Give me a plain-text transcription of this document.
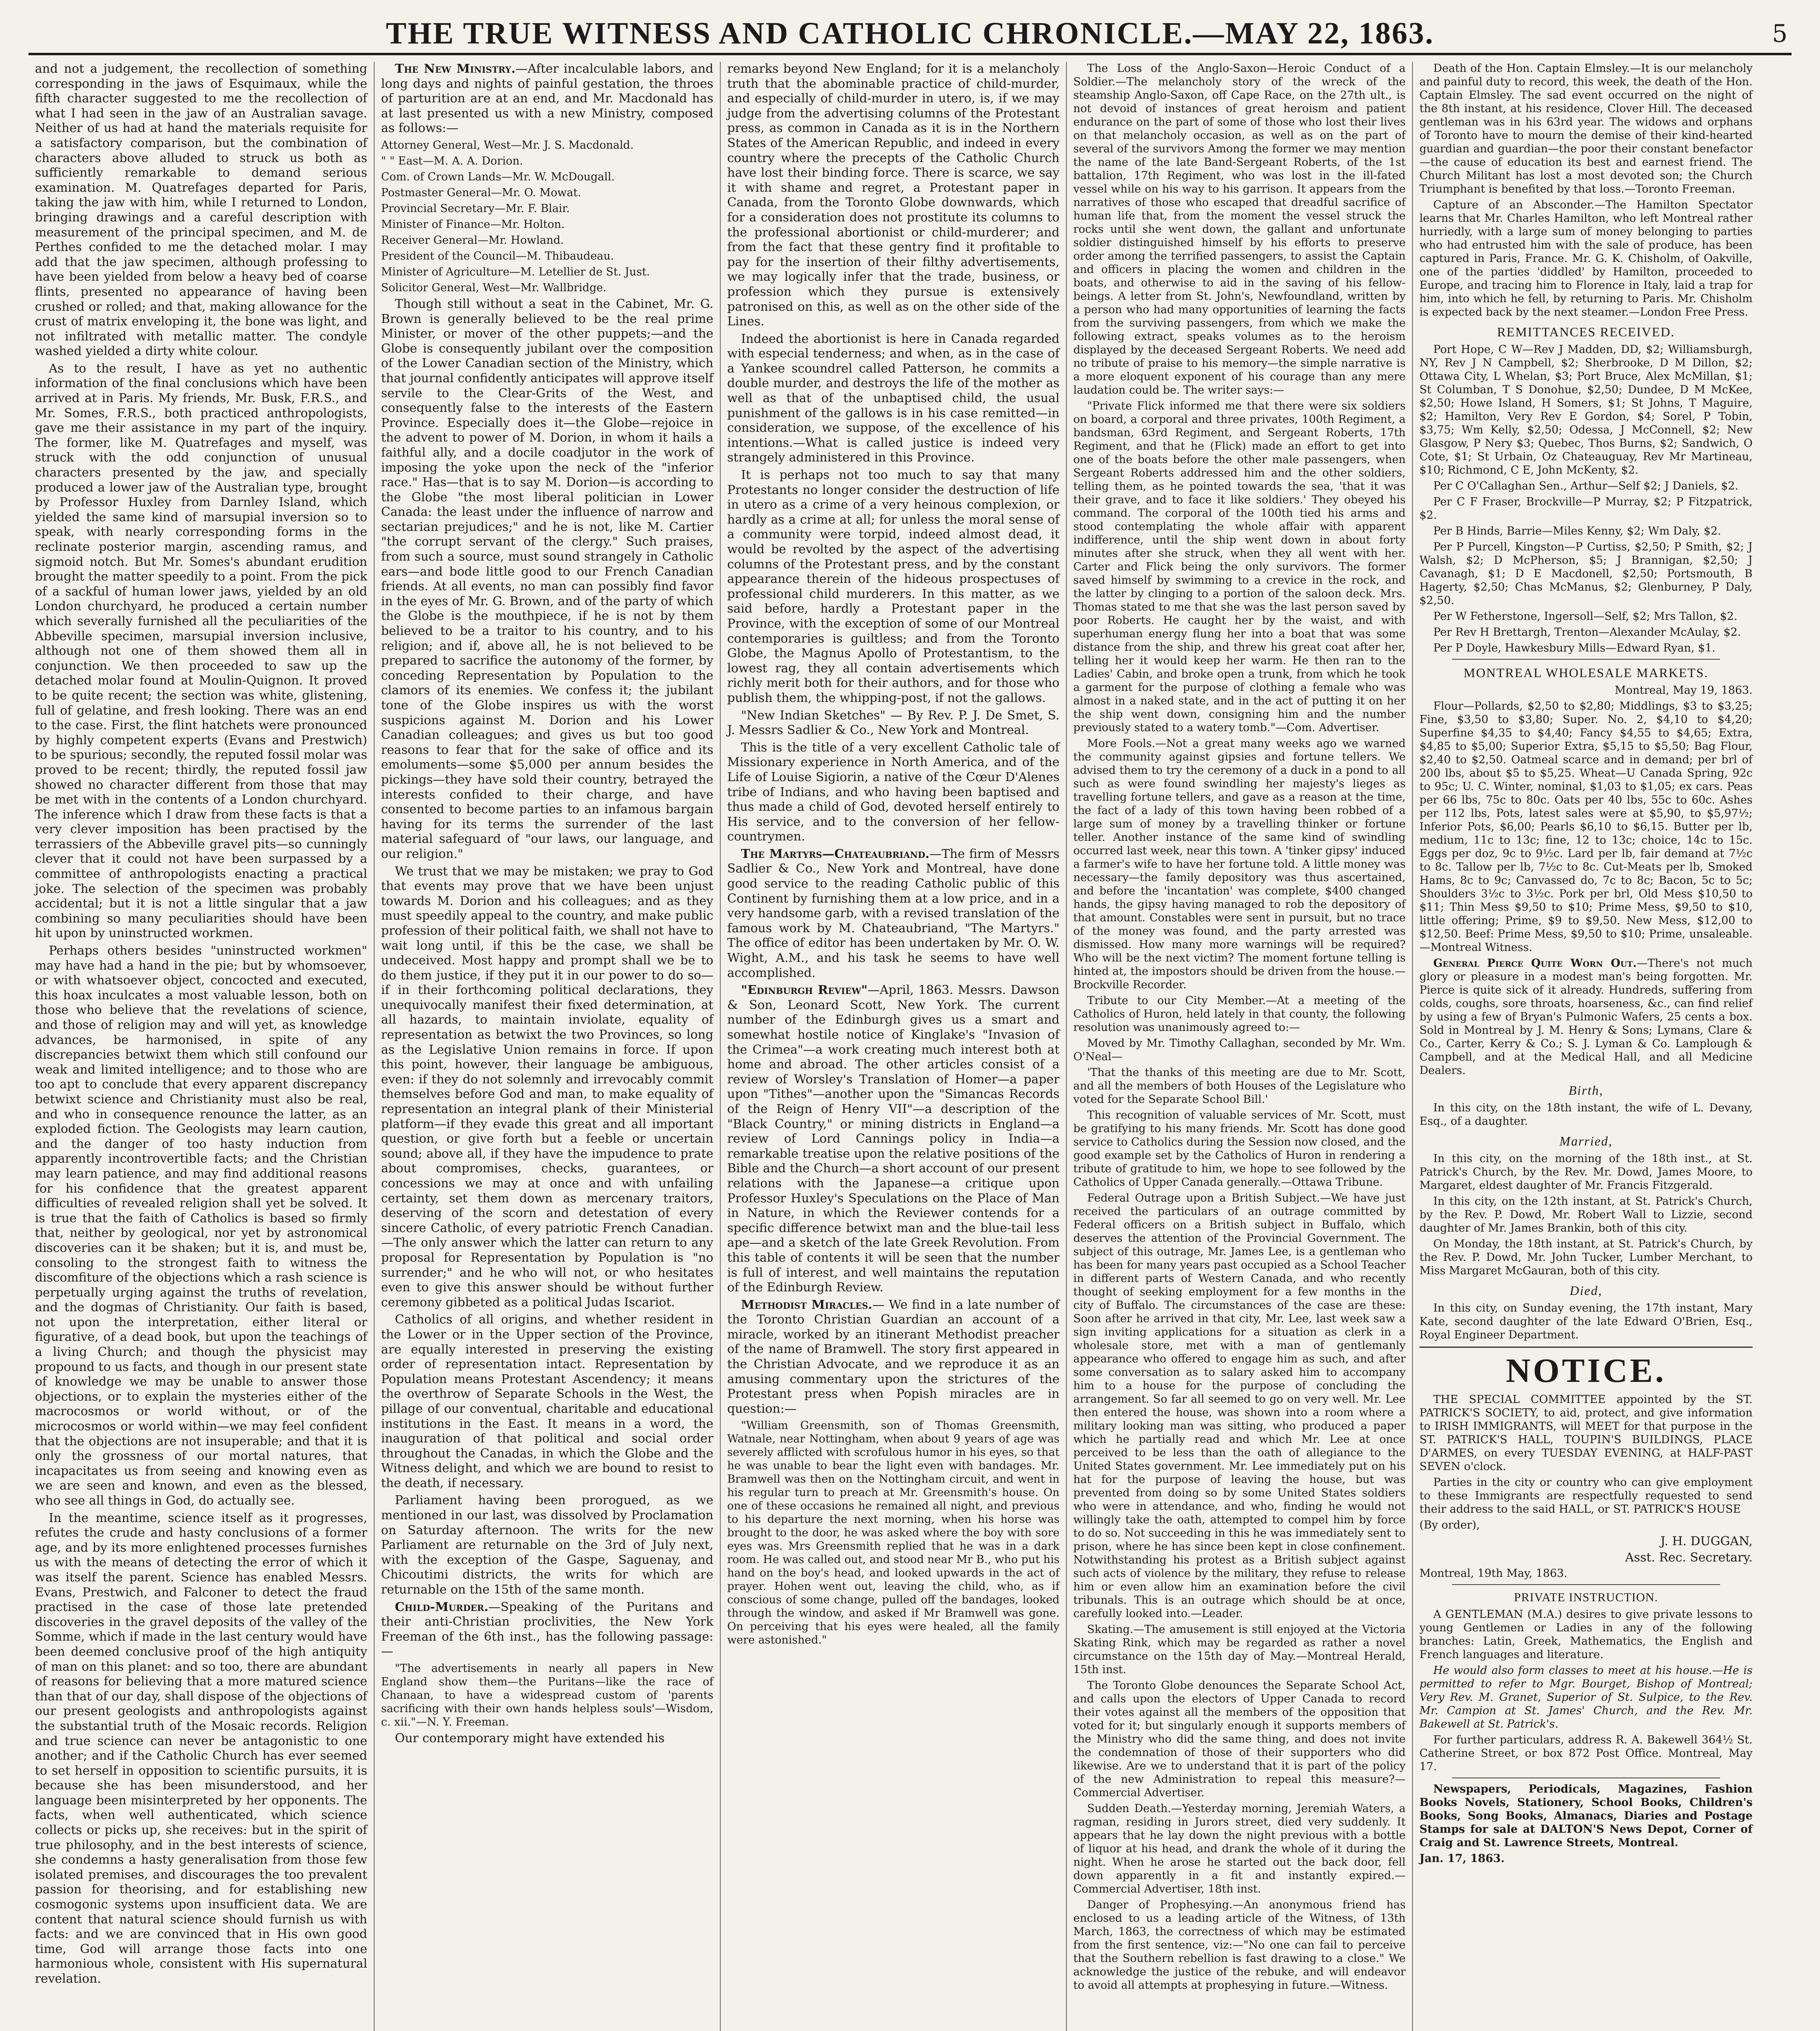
THE TRUE WITNESS AND CATHOLIC CHRONICLE.—MAY 22, 1863.	5

and not a judgement, the recollection of something corresponding in the jaws of Esquimaux, while the fifth character suggested to me the recollection of what I had seen in the jaw of an Australian savage. Neither of us had at hand the materials requisite for a satisfactory comparison, but the combination of characters above alluded to struck us both as sufficiently remarkable to demand serious examination. M. Quatrefages departed for Paris, taking the jaw with him, while I returned to London, bringing drawings and a careful description with measurement of the principal specimen, and M. de Perthes confided to me the detached molar. I may add that the jaw specimen, although professing to have been yielded from below a heavy bed of coarse flints, presented no appearance of having been crushed or rolled; and that, making allowance for the crust of matrix enveloping it, the bone was light, and not infiltrated with metallic matter. The condyle washed yielded a dirty white colour.

As to the result, I have as yet no authentic information of the final conclusions which have been arrived at in Paris. My friends, Mr. Busk, F.R.S., and Mr. Somes, F.R.S., both practiced anthropologists, gave me their assistance in my part of the inquiry. The former, like M. Quatrefages and myself, was struck with the odd conjunction of unusual characters presented by the jaw, and specially produced a lower jaw of the Australian type, brought by Professor Huxley from Darnley Island, which yielded the same kind of marsupial inversion so to speak, with nearly corresponding forms in the reclinate posterior margin, ascending ramus, and sigmoid notch. But Mr. Somes's abundant erudition brought the matter speedily to a point. From the pick of a sackful of human lower jaws, yielded by an old London churchyard, he produced a certain number which severally furnished all the peculiarities of the Abbeville specimen, marsupial inversion inclusive, although not one of them showed them all in conjunction. We then proceeded to saw up the detached molar found at Moulin-Quignon. It proved to be quite recent; the section was white, glistening, full of gelatine, and fresh looking. There was an end to the case. First, the flint hatchets were pronounced by highly competent experts (Evans and Prestwich) to be spurious; secondly, the reputed fossil molar was proved to be recent; thirdly, the reputed fossil jaw showed no character different from those that may be met with in the contents of a London churchyard. The inference which I draw from these facts is that a very clever imposition has been practised by the terrassiers of the Abbeville gravel pits—so cunningly clever that it could not have been surpassed by a committee of anthropologists enacting a practical joke. The selection of the specimen was probably accidental; but it is not a little singular that a jaw combining so many peculiarities should have been hit upon by uninstructed workmen.

Perhaps others besides "uninstructed workmen" may have had a hand in the pie; but by whomsoever, or with whatsoever object, concocted and executed, this hoax inculcates a most valuable lesson, both on those who believe that the revelations of science, and those of religion may and will yet, as knowledge advances, be harmonised, in spite of any discrepancies betwixt them which still confound our weak and limited intelligence; and to those who are too apt to conclude that every apparent discrepancy betwixt science and Christianity must also be real, and who in consequence renounce the latter, as an exploded fiction. The Geologists may learn caution, and the danger of too hasty induction from apparently incontrovertible facts; and the Christian may learn patience, and may find additional reasons for his confidence that the greatest apparent difficulties of revealed religion shall yet be solved. It is true that the faith of Catholics is based so firmly that, neither by geological, nor yet by astronomical discoveries can it be shaken; but it is, and must be, consoling to the strongest faith to witness the discomfiture of the objections which a rash science is perpetually urging against the truths of revelation, and the dogmas of Christianity. Our faith is based, not upon the interpretation, either literal or figurative, of a dead book, but upon the teachings of a living Church; and though the physicist may propound to us facts, and though in our present state of knowledge we may be unable to answer those objections, or to explain the mysteries either of the macrocosmos or world without, or of the microcosmos or world within—we may feel confident that the objections are not insuperable; and that it is only the grossness of our mortal natures, that incapacitates us from seeing and knowing even as we are seen and known, and even as the blessed, who see all things in God, do actually see.

In the meantime, science itself as it progresses, refutes the crude and hasty conclusions of a former age, and by its more enlightened processes furnishes us with the means of detecting the error of which it was itself the parent. Science has enabled Messrs. Evans, Prestwich, and Falconer to detect the fraud practised in the case of those late pretended discoveries in the gravel deposits of the valley of the Somme, which if made in the last century would have been deemed conclusive proof of the high antiquity of man on this planet: and so too, there are abundant of reasons for believing that a more matured science than that of our day, shall dispose of the objections of our present geologists and anthropologists against the substantial truth of the Mosaic records. Religion and true science can never be antagonistic to one another; and if the Catholic Church has ever seemed to set herself in opposition to scientific pursuits, it is because she has been misunderstood, and her language been misinterpreted by her opponents. The facts, when well authenticated, which science collects or picks up, she receives: but in the spirit of true philosophy, and in the best interests of science, she condemns a hasty generalisation from those few isolated premises, and discourages the too prevalent passion for theorising, and for establishing new cosmogonic systems upon insufficient data. We are content that natural science should furnish us with facts: and we are convinced that in His own good time, God will arrange those facts into one harmonious whole, consistent with His supernatural revelation.

The New Ministry.—After incalculable labors, and long days and nights of painful gestation, the throes of parturition are at an end, and Mr. Macdonald has at last presented us with a new Ministry, composed as follows:—

Attorney General, West—Mr. J. S. Macdonald.

" " East—M. A. A. Dorion.

Com. of Crown Lands—Mr. W. McDougall.

Postmaster General—Mr. O. Mowat.

Provincial Secretary—Mr. F. Blair.

Minister of Finance—Mr. Holton.

Receiver General—Mr. Howland.

President of the Council—M. Thibaudeau.

Minister of Agriculture—M. Letellier de St. Just.

Solicitor General, West—Mr. Wallbridge.

Though still without a seat in the Cabinet, Mr. G. Brown is generally believed to be the real prime Minister, or mover of the other puppets;—and the Globe is consequently jubilant over the composition of the Lower Canadian section of the Ministry, which that journal confidently anticipates will approve itself servile to the Clear-Grits of the West, and consequently false to the interests of the Eastern Province. Especially does it—the Globe—rejoice in the advent to power of M. Dorion, in whom it hails a faithful ally, and a docile coadjutor in the work of imposing the yoke upon the neck of the "inferior race." Has—that is to say M. Dorion—is according to the Globe "the most liberal politician in Lower Canada: the least under the influence of narrow and sectarian prejudices;" and he is not, like M. Cartier "the corrupt servant of the clergy." Such praises, from such a source, must sound strangely in Catholic ears—and bode little good to our French Canadian friends. At all events, no man can possibly find favor in the eyes of Mr. G. Brown, and of the party of which the Globe is the mouthpiece, if he is not by them believed to be a traitor to his country, and to his religion; and if, above all, he is not believed to be prepared to sacrifice the autonomy of the former, by conceding Representation by Population to the clamors of its enemies. We confess it; the jubilant tone of the Globe inspires us with the worst suspicions against M. Dorion and his Lower Canadian colleagues; and gives us but too good reasons to fear that for the sake of office and its emoluments—some $5,000 per annum besides the pickings—they have sold their country, betrayed the interests confided to their charge, and have consented to become parties to an infamous bargain having for its terms the surrender of the last material safeguard of "our laws, our language, and our religion."

We trust that we may be mistaken; we pray to God that events may prove that we have been unjust towards M. Dorion and his colleagues; and as they must speedily appeal to the country, and make public profession of their political faith, we shall not have to wait long until, if this be the case, we shall be undeceived. Most happy and prompt shall we be to do them justice, if they put it in our power to do so—if in their forthcoming political declarations, they unequivocally manifest their fixed determination, at all hazards, to maintain inviolate, equality of representation as betwixt the two Provinces, so long as the Legislative Union remains in force. If upon this point, however, their language be ambiguous, even: if they do not solemnly and irrevocably commit themselves before God and man, to make equality of representation an integral plank of their Ministerial platform—if they evade this great and all important question, or give forth but a feeble or uncertain sound; above all, if they have the impudence to prate about compromises, checks, guarantees, or concessions we may at once and with unfailing certainty, set them down as mercenary traitors, deserving of the scorn and detestation of every sincere Catholic, of every patriotic French Canadian.—The only answer which the latter can return to any proposal for Representation by Population is "no surrender;" and he who will not, or who hesitates even to give this answer should be without further ceremony gibbeted as a political Judas Iscariot.

Catholics of all origins, and whether resident in the Lower or in the Upper section of the Province, are equally interested in preserving the existing order of representation intact. Representation by Population means Protestant Ascendency; it means the overthrow of Separate Schools in the West, the pillage of our conventual, charitable and educational institutions in the East. It means in a word, the inauguration of that political and social order throughout the Canadas, in which the Globe and the Witness delight, and which we are bound to resist to the death, if necessary.

Parliament having been prorogued, as we mentioned in our last, was dissolved by Proclamation on Saturday afternoon. The writs for the new Parliament are returnable on the 3rd of July next, with the exception of the Gaspe, Saguenay, and Chicoutimi districts, the writs for which are returnable on the 15th of the same month.

Child-Murder.—Speaking of the Puritans and their anti-Christian proclivities, the New York Freeman of the 6th inst., has the following passage:—

"The advertisements in nearly all papers in New England show them—the Puritans—like the race of Chanaan, to have a widespread custom of 'parents sacrificing with their own hands helpless souls'—Wisdom, c. xii."—N. Y. Freeman.

Our contemporary might have extended his

remarks beyond New England; for it is a melancholy truth that the abominable practice of child-murder, and especially of child-murder in utero, is, if we may judge from the advertising columns of the Protestant press, as common in Canada as it is in the Northern States of the American Republic, and indeed in every country where the precepts of the Catholic Church have lost their binding force. There is scarce, we say it with shame and regret, a Protestant paper in Canada, from the Toronto Globe downwards, which for a consideration does not prostitute its columns to the professional abortionist or child-murderer; and from the fact that these gentry find it profitable to pay for the insertion of their filthy advertisements, we may logically infer that the trade, business, or profession which they pursue is extensively patronised on this, as well as on the other side of the Lines.

Indeed the abortionist is here in Canada regarded with especial tenderness; and when, as in the case of a Yankee scoundrel called Patterson, he commits a double murder, and destroys the life of the mother as well as that of the unbaptised child, the usual punishment of the gallows is in his case remitted—in consideration, we suppose, of the excellence of his intentions.—What is called justice is indeed very strangely administered in this Province.

It is perhaps not too much to say that many Protestants no longer consider the destruction of life in utero as a crime of a very heinous complexion, or hardly as a crime at all; for unless the moral sense of a community were torpid, indeed almost dead, it would be revolted by the aspect of the advertising columns of the Protestant press, and by the constant appearance therein of the hideous prospectuses of professional child murderers. In this matter, as we said before, hardly a Protestant paper in the Province, with the exception of some of our Montreal contemporaries is guiltless; and from the Toronto Globe, the Magnus Apollo of Protestantism, to the lowest rag, they all contain advertisements which richly merit both for their authors, and for those who publish them, the whipping-post, if not the gallows.

"New Indian Sketches" — By Rev. P. J. De Smet, S. J. Messrs Sadlier & Co., New York and Montreal.

This is the title of a very excellent Catholic tale of Missionary experience in North America, and of the Life of Louise Sigiorin, a native of the Cœur D'Alenes tribe of Indians, and who having been baptised and thus made a child of God, devoted herself entirely to His service, and to the conversion of her fellow-countrymen.

The Martyrs—Chateaubriand.—The firm of Messrs Sadlier & Co., New York and Montreal, have done good service to the reading Catholic public of this Continent by furnishing them at a low price, and in a very handsome garb, with a revised translation of the famous work by M. Chateaubriand, "The Martyrs." The office of editor has been undertaken by Mr. O. W. Wight, A.M., and his task he seems to have well accomplished.

"Edinburgh Review"—April, 1863. Messrs. Dawson & Son, Leonard Scott, New York. The current number of the Edinburgh gives us a smart and somewhat hostile notice of Kinglake's "Invasion of the Crimea"—a work creating much interest both at home and abroad. The other articles consist of a review of Worsley's Translation of Homer—a paper upon "Tithes"—another upon the "Simancas Records of the Reign of Henry VII"—a description of the "Black Country," or mining districts in England—a review of Lord Cannings policy in India—a remarkable treatise upon the relative positions of the Bible and the Church—a short account of our present relations with the Japanese—a critique upon Professor Huxley's Speculations on the Place of Man in Nature, in which the Reviewer contends for a specific difference betwixt man and the blue-tail less ape—and a sketch of the late Greek Revolution. From this table of contents it will be seen that the number is full of interest, and well maintains the reputation of the Edinburgh Review.

Methodist Miracles.— We find in a late number of the Toronto Christian Guardian an account of a miracle, worked by an itinerant Methodist preacher of the name of Bramwell. The story first appeared in the Christian Advocate, and we reproduce it as an amusing commentary upon the strictures of the Protestant press when Popish miracles are in question:—

"William Greensmith, son of Thomas Greensmith, Watnale, near Nottingham, when about 9 years of age was severely afflicted with scrofulous humor in his eyes, so that he was unable to bear the light even with bandages. Mr. Bramwell was then on the Nottingham circuit, and went in his regular turn to preach at Mr. Greensmith's house. On one of these occasions he remained all night, and previous to his departure the next morning, when his horse was brought to the door, he was asked where the boy with sore eyes was. Mrs Greensmith replied that he was in a dark room. He was called out, and stood near Mr B., who put his hand on the boy's head, and looked upwards in the act of prayer. Hohen went out, leaving the child, who, as if conscious of some change, pulled off the bandages, looked through the window, and asked if Mr Bramwell was gone. On perceiving that his eyes were healed, all the family were astonished."

The Loss of the Anglo-Saxon—Heroic Conduct of a Soldier.—The melancholy story of the wreck of the steamship Anglo-Saxon, off Cape Race, on the 27th ult., is not devoid of instances of great heroism and patient endurance on the part of some of those who lost their lives on that melancholy occasion, as well as on the part of several of the survivors Among the former we may mention the name of the late Band-Sergeant Roberts, of the 1st battalion, 17th Regiment, who was lost in the ill-fated vessel while on his way to his garrison. It appears from the narratives of those who escaped that dreadful sacrifice of human life that, from the moment the vessel struck the rocks until she went down, the gallant and unfortunate soldier distinguished himself by his efforts to preserve order among the terrified passengers, to assist the Captain and officers in placing the women and children in the boats, and otherwise to aid in the saving of his fellow-beings. A letter from St. John's, Newfoundland, written by a person who had many opportunities of learning the facts from the surviving passengers, from which we make the following extract, speaks volumes as to the heroism displayed by the deceased Sergeant Roberts. We need add no tribute of praise to his memory—the simple narrative is a more eloquent exponent of his courage than any mere laudation could be. The writer says:—

"Private Flick informed me that there were six soldiers on board, a corporal and three privates, 100th Regiment, a bandsman, 63rd Regiment, and Sergeant Roberts, 17th Regiment, and that he (Flick) made an effort to get into one of the boats before the other male passengers, when Sergeant Roberts addressed him and the other soldiers, telling them, as he pointed towards the sea, 'that it was their grave, and to face it like soldiers.' They obeyed his command. The corporal of the 100th tied his arms and stood contemplating the whole affair with apparent indifference, until the ship went down in about forty minutes after she struck, when they all went with her. Carter and Flick being the only survivors. The former saved himself by swimming to a crevice in the rock, and the latter by clinging to a portion of the saloon deck. Mrs. Thomas stated to me that she was the last person saved by poor Roberts. He caught her by the waist, and with superhuman energy flung her into a boat that was some distance from the ship, and threw his great coat after her, telling her it would keep her warm. He then ran to the Ladies' Cabin, and broke open a trunk, from which he took a garment for the purpose of clothing a female who was almost in a naked state, and in the act of putting it on her the ship went down, consigning him and the number previously stated to a watery tomb."—Com. Advertiser.

More Fools.—Not a great many weeks ago we warned the community against gipsies and fortune tellers. We advised them to try the ceremony of a duck in a pond to all such as were found swindling her majesty's lieges as travelling fortune tellers, and gave as a reason at the time, the fact of a lady of this town having been robbed of a large sum of money by a travelling thinker or fortune teller. Another instance of the same kind of swindling occurred last week, near this town. A 'tinker gipsy' induced a farmer's wife to have her fortune told. A little money was necessary—the family depository was thus ascertained, and before the 'incantation' was complete, $400 changed hands, the gipsy having managed to rob the depository of that amount. Constables were sent in pursuit, but no trace of the money was found, and the party arrested was dismissed. How many more warnings will be required? Who will be the next victim? The moment fortune telling is hinted at, the impostors should be driven from the house.—Brockville Recorder.

Tribute to our City Member.—At a meeting of the Catholics of Huron, held lately in that county, the following resolution was unanimously agreed to:—

Moved by Mr. Timothy Callaghan, seconded by Mr. Wm. O'Neal—

'That the thanks of this meeting are due to Mr. Scott, and all the members of both Houses of the Legislature who voted for the Separate School Bill.'

This recognition of valuable services of Mr. Scott, must be gratifying to his many friends. Mr. Scott has done good service to Catholics during the Session now closed, and the good example set by the Catholics of Huron in rendering a tribute of gratitude to him, we hope to see followed by the Catholics of Upper Canada generally.—Ottawa Tribune.

Federal Outrage upon a British Subject.—We have just received the particulars of an outrage committed by Federal officers on a British subject in Buffalo, which deserves the attention of the Provincial Government. The subject of this outrage, Mr. James Lee, is a gentleman who has been for many years past occupied as a School Teacher in different parts of Western Canada, and who recently thought of seeking employment for a few months in the city of Buffalo. The circumstances of the case are these: Soon after he arrived in that city, Mr. Lee, last week saw a sign inviting applications for a situation as clerk in a wholesale store, met with a man of gentlemanly appearance who offered to engage him as such, and after some conversation as to salary asked him to accompany him to a house for the purpose of concluding the arrangement. So far all seemed to go on very well. Mr. Lee then entered the house, was shown into a room where a military looking man was sitting, who produced a paper which he partially read and which Mr. Lee at once perceived to be less than the oath of allegiance to the United States government. Mr. Lee immediately put on his hat for the purpose of leaving the house, but was prevented from doing so by some United States soldiers who were in attendance, and who, finding he would not willingly take the oath, attempted to compel him by force to do so. Not succeeding in this he was immediately sent to prison, where he has since been kept in close confinement. Notwithstanding his protest as a British subject against such acts of violence by the military, they refuse to release him or even allow him an examination before the civil tribunals. This is an outrage which should be at once, carefully looked into.—Leader.

Skating.—The amusement is still enjoyed at the Victoria Skating Rink, which may be regarded as rather a novel circumstance on the 15th day of May.—Montreal Herald, 15th inst.

The Toronto Globe denounces the Separate School Act, and calls upon the electors of Upper Canada to record their votes against all the members of the opposition that voted for it; but singularly enough it supports members of the Ministry who did the same thing, and does not invite the condemnation of those of their supporters who did likewise. Are we to understand that it is part of the policy of the new Administration to repeal this measure?—Commercial Advertiser.

Sudden Death.—Yesterday morning, Jeremiah Waters, a ragman, residing in Jurors street, died very suddenly. It appears that he lay down the night previous with a bottle of liquor at his head, and drank the whole of it during the night. When he arose he started out the back door, fell down apparently in a fit and instantly expired.—Commercial Advertiser, 18th inst.

Danger of Prophesying.—An anonymous friend has enclosed to us a leading article of the Witness, of 13th March, 1863, the correctness of which may be estimated from the first sentence, viz:—"No one can fail to perceive that the Southern rebellion is fast drawing to a close." We acknowledge the justice of the rebuke, and will endeavor to avoid all attempts at prophesying in future.—Witness.

Death of the Hon. Captain Elmsley.—It is our melancholy and painful duty to record, this week, the death of the Hon. Captain Elmsley. The sad event occurred on the night of the 8th instant, at his residence, Clover Hill. The deceased gentleman was in his 63rd year. The widows and orphans of Toronto have to mourn the demise of their kind-hearted guardian and guardian—the poor their constant benefactor—the cause of education its best and earnest friend. The Church Militant has lost a most devoted son; the Church Triumphant is benefited by that loss.—Toronto Freeman.

Capture of an Absconder.—The Hamilton Spectator learns that Mr. Charles Hamilton, who left Montreal rather hurriedly, with a large sum of money belonging to parties who had entrusted him with the sale of produce, has been captured in Paris, France. Mr. G. K. Chisholm, of Oakville, one of the parties 'diddled' by Hamilton, proceeded to Europe, and tracing him to Florence in Italy, laid a trap for him, into which he fell, by returning to Paris. Mr. Chisholm is expected back by the next steamer.—London Free Press.

REMITTANCES RECEIVED.

Port Hope, C W—Rev J Madden, DD, $2; Williamsburgh, NY, Rev J N Campbell, $2; Sherbrooke, D M Dillon, $2; Ottawa City, L Whelan, $3; Port Bruce, Alex McMillan, $1; St Columban, T S Donohue, $2,50; Dundee, D M McKee, $2,50; Howe Island, H Somers, $1; St Johns, T Maguire, $2; Hamilton, Very Rev E Gordon, $4; Sorel, P Tobin, $3,75; Wm Kelly, $2,50; Odessa, J McConnell, $2; New Glasgow, P Nery $3; Quebec, Thos Burns, $2; Sandwich, O Cote, $1; St Urbain, Oz Chateauguay, Rev Mr Martineau, $10; Richmond, C E, John McKenty, $2.

Per C O'Callaghan Sen., Arthur—Self $2; J Daniels, $2.

Per C F Fraser, Brockville—P Murray, $2; P Fitzpatrick, $2.

Per B Hinds, Barrie—Miles Kenny, $2; Wm Daly, $2.

Per P Purcell, Kingston—P Curtiss, $2,50; P Smith, $2; J Walsh, $2; D McPherson, $5; J Brannigan, $2,50; J Cavanagh, $1; D E Macdonell, $2,50; Portsmouth, B Hagerty, $2,50; Chas McManus, $2; Glenburney, P Daly, $2,50.

Per W Fetherstone, Ingersoll—Self, $2; Mrs Tallon, $2.

Per Rev H Brettargh, Trenton—Alexander McAulay, $2.

Per P Doyle, Hawkesbury Mills—Edward Ryan, $1.

MONTREAL WHOLESALE MARKETS.

Montreal, May 19, 1863.

Flour—Pollards, $2,50 to $2,80; Middlings, $3 to $3,25; Fine, $3,50 to $3,80; Super. No. 2, $4,10 to $4,20; Superfine $4,35 to $4,40; Fancy $4,55 to $4,65; Extra, $4,85 to $5,00; Superior Extra, $5,15 to $5,50; Bag Flour, $2,40 to $2,50. Oatmeal scarce and in demand; per brl of 200 lbs, about $5 to $5,25. Wheat—U Canada Spring, 92c to 95c; U. C. Winter, nominal, $1,03 to $1,05; ex cars. Peas per 66 lbs, 75c to 80c. Oats per 40 lbs, 55c to 60c. Ashes per 112 lbs, Pots, latest sales were at $5,90, to $5,97½; Inferior Pots, $6,00; Pearls $6,10 to $6,15. Butter per lb, medium, 11c to 13c; fine, 12 to 13c; choice, 14c to 15c. Eggs per doz, 9c to 9½c. Lard per lb, fair demand at 7½c to 8c. Tallow per lb, 7½c to 8c. Cut-Meats per lb, Smoked Hams, 8c to 9c; Canvassed do, 7c to 8c; Bacon, 5c to 5c; Shoulders 3½c to 3½c. Pork per brl, Old Mess $10,50 to $11; Thin Mess $9,50 to $10; Prime Mess, $9,50 to $10, little offering; Prime, $9 to $9,50. New Mess, $12,00 to $12,50. Beef: Prime Mess, $9,50 to $10; Prime, unsaleable.—Montreal Witness.

General Pierce Quite Worn Out.—There's not much glory or pleasure in a modest man's being forgotten. Mr. Pierce is quite sick of it already. Hundreds, suffering from colds, coughs, sore throats, hoarseness, &c., can find relief by using a few of Bryan's Pulmonic Wafers, 25 cents a box. Sold in Montreal by J. M. Henry & Sons; Lymans, Clare & Co., Carter, Kerry & Co.; S. J. Lyman & Co. Lamplough & Campbell, and at the Medical Hall, and all Medicine Dealers.

Birth,

In this city, on the 18th instant, the wife of L. Devany, Esq., of a daughter.

Married,

In this city, on the morning of the 18th inst., at St. Patrick's Church, by the Rev. Mr. Dowd, James Moore, to Margaret, eldest daughter of Mr. Francis Fitzgerald.

In this city, on the 12th instant, at St. Patrick's Church, by the Rev. P. Dowd, Mr. Robert Wall to Lizzie, second daughter of Mr. James Brankin, both of this city.

On Monday, the 18th instant, at St. Patrick's Church, by the Rev. P. Dowd, Mr. John Tucker, Lumber Merchant, to Miss Margaret McGauran, both of this city.

Died,

In this city, on Sunday evening, the 17th instant, Mary Kate, second daughter of the late Edward O'Brien, Esq., Royal Engineer Department.

NOTICE.

THE SPECIAL COMMITTEE appointed by the ST. PATRICK'S SOCIETY, to aid, protect, and give information to IRISH IMMIGRANTS, will MEET for that purpose in the ST. PATRICK'S HALL, TOUPIN'S BUILDINGS, PLACE D'ARMES, on every TUESDAY EVENING, at HALF-PAST SEVEN o'clock.

Parties in the city or country who can give employment to these Immigrants are respectfully requested to send their address to the said HALL, or ST. PATRICK'S HOUSE

(By order),

J. H. DUGGAN,
Asst. Rec. Secretary.

Montreal, 19th May, 1863.

PRIVATE INSTRUCTION.

A GENTLEMAN (M.A.) desires to give private lessons to young Gentlemen or Ladies in any of the following branches: Latin, Greek, Mathematics, the English and French languages and literature.

He would also form classes to meet at his house.—He is permitted to refer to Mgr. Bourget, Bishop of Montreal; Very Rev. M. Granet, Superior of St. Sulpice, to the Rev. Mr. Campion at St. James' Church, and the Rev. Mr. Bakewell at St. Patrick's.

For further particulars, address R. A. Bakewell 364½ St. Catherine Street, or box 872 Post Office. Montreal, May 17.

Newspapers, Periodicals, Magazines, Fashion Books Novels, Stationery, School Books, Children's Books, Song Books, Almanacs, Diaries and Postage Stamps for sale at DALTON'S News Depot, Corner of Craig and St. Lawrence Streets, Montreal.

Jan. 17, 1863.
